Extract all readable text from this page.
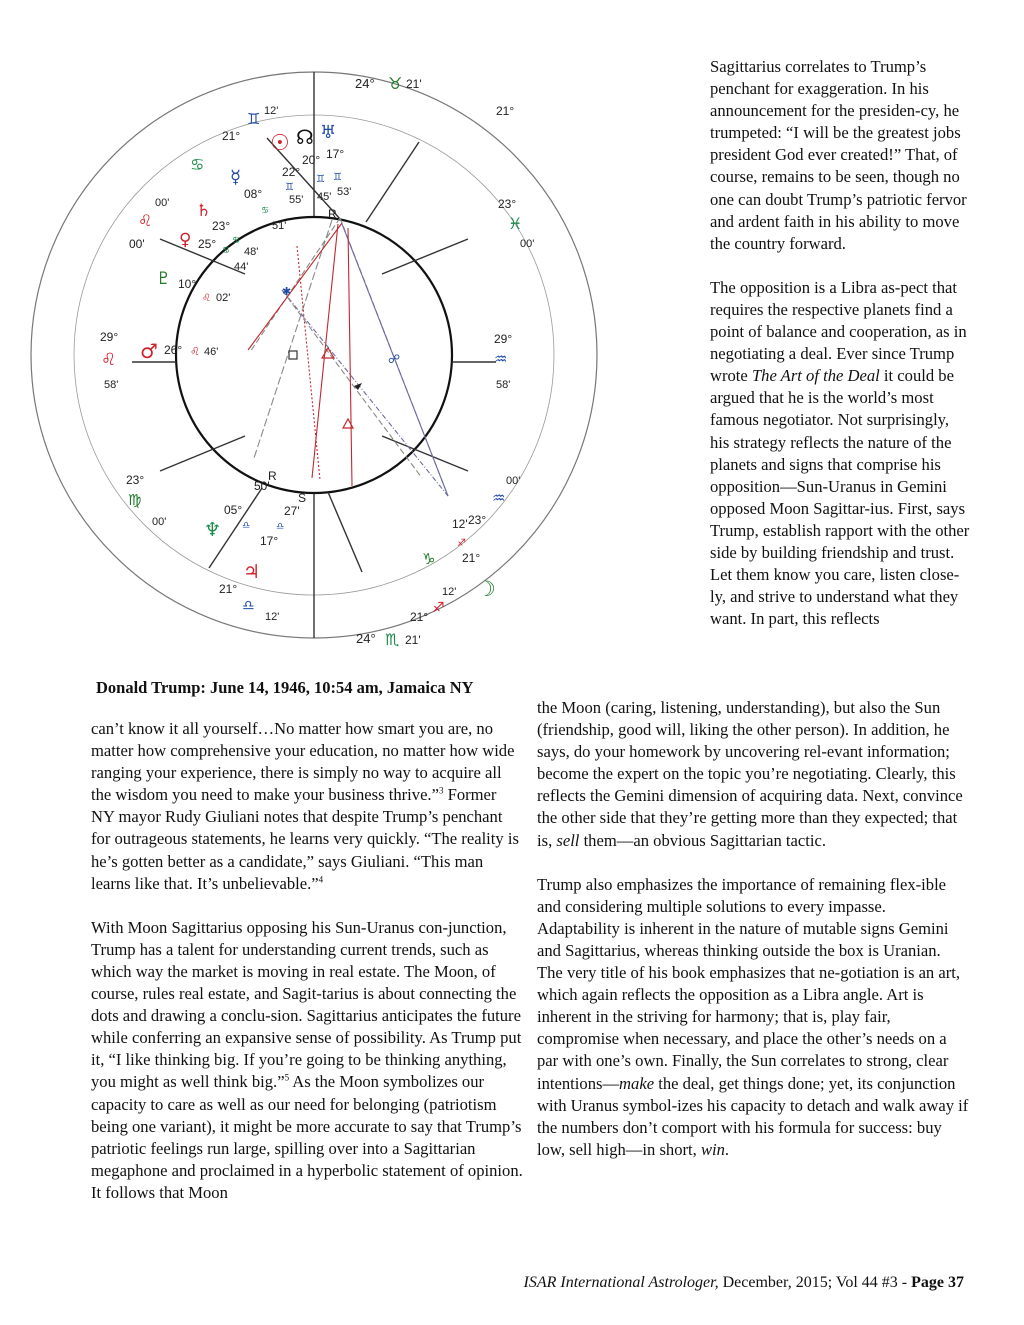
☍
✱
24° ♉ 21'
21°
23°
♓
00'
29°
♒
58'
00'
♒
23°
♑
12'
♐
21°
24° ♏ 21'
21°
♎
12'
23°
♍
00'
29°
♌
58'
00'
♌
00'
21°
♊ 12'
♋
☉ ☊ ♅
22°
20° 17°
♊
♊ ♊
55' 45' 53'
R
☿
08°
♋
51'
♄
23°
♋
48'
♀ 25° ♋
44'
♇ 10°
♌ 02'
♂ 26° ♌ 46'
R
50'
05°
♎
♆
S
27'
♎
17°
♃
12'
♐
21°
☽
Donald Trump: June 14, 1946, 10:54 am, Jamaica NY

Sagittarius correlates to Trump’s penchant for exaggeration. In his announcement for the presiden-cy, he trumpeted: “I will be the greatest jobs president God ever created!” That, of course, remains to be seen, though no one can doubt Trump’s patriotic fervor and ardent faith in his ability to move the country forward.

The opposition is a Libra as-pect that requires the respective planets find a point of balance and cooperation, as in negotiating a deal. Ever since Trump wrote The Art of the Deal it could be argued that he is the world’s most famous negotiator. Not surprisingly, his strategy reflects the nature of the planets and signs that comprise his opposition—Sun-Uranus in Gemini opposed Moon Sagittar-ius. First, says Trump, establish rapport with the other side by building friendship and trust. Let them know you care, listen close-ly, and strive to understand what they want. In part, this reflects

the Moon (caring, listening, understanding), but also the Sun (friendship, good will, liking the other person). In addition, he says, do your homework by uncovering rel-evant information; become the expert on the topic you’re negotiating. Clearly, this reflects the Gemini dimension of acquiring data. Next, convince the other side that they’re getting more than they expected; that is, sell them—an obvious Sagittarian tactic.

Trump also emphasizes the importance of remaining flex-ible and considering multiple solutions to every impasse. Adaptability is inherent in the nature of mutable signs Gemini and Sagittarius, whereas thinking outside the box is Uranian. The very title of his book emphasizes that ne-gotiation is an art, which again reflects the opposition as a Libra angle. Art is inherent in the striving for harmony; that is, play fair, compromise when necessary, and place the other’s needs on a par with one’s own. Finally, the Sun correlates to strong, clear intentions—make the deal, get things done; yet, its conjunction with Uranus symbol-izes his capacity to detach and walk away if the numbers don’t comport with his formula for success: buy low, sell high—in short, win.

can’t know it all yourself…No matter how smart you are, no matter how comprehensive your education, no matter how wide ranging your experience, there is simply no way to acquire all the wisdom you need to make your business thrive.”$^3$ Former NY mayor Rudy Giuliani notes that despite Trump’s penchant for outrageous statements, he learns very quickly. “The reality is he’s gotten better as a candidate,” says Giuliani. “This man learns like that. It’s unbelievable.”$^4$

With Moon Sagittarius opposing his Sun-Uranus con-junction, Trump has a talent for understanding current trends, such as which way the market is moving in real estate. The Moon, of course, rules real estate, and Sagit-tarius is about connecting the dots and drawing a conclu-sion. Sagittarius anticipates the future while conferring an expansive sense of possibility. As Trump put it, “I like thinking big. If you’re going to be thinking anything, you might as well think big.”$^5$ As the Moon symbolizes our capacity to care as well as our need for belonging (patriotism being one variant), it might be more accurate to say that Trump’s patriotic feelings run large, spilling over into a Sagittarian megaphone and proclaimed in a hyperbolic statement of opinion. It follows that Moon

ISAR International Astrologer, December, 2015; Vol 44 #3 - Page 37
